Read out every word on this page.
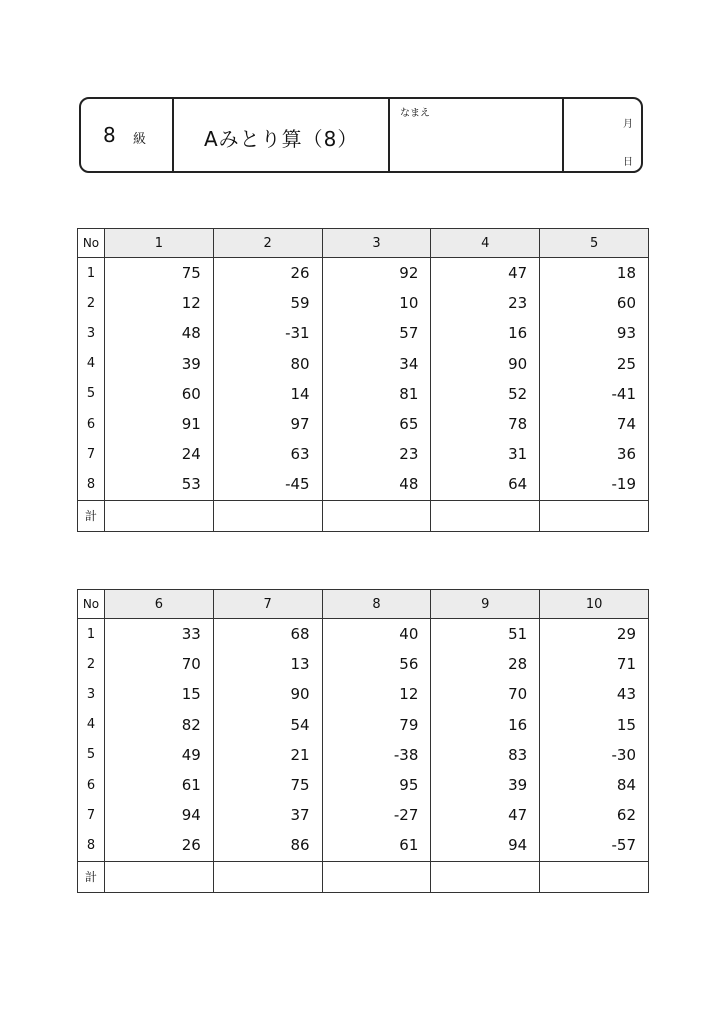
8 級	Aみとり算（8）
なまえ
月
日
No	1	2	3	4	5
1	75	26	92	47	18
2	12	59	10	23	60
3	48	-31	57	16	93
4	39	80	34	90	25
5	60	14	81	52	-41
6	91	97	65	78	74
7	24	63	23	31	36
8	53	-45	48	64	-19
計					
No	6	7	8	9	10
1	33	68	40	51	29
2	70	13	56	28	71
3	15	90	12	70	43
4	82	54	79	16	15
5	49	21	-38	83	-30
6	61	75	95	39	84
7	94	37	-27	47	62
8	26	86	61	94	-57
計					
